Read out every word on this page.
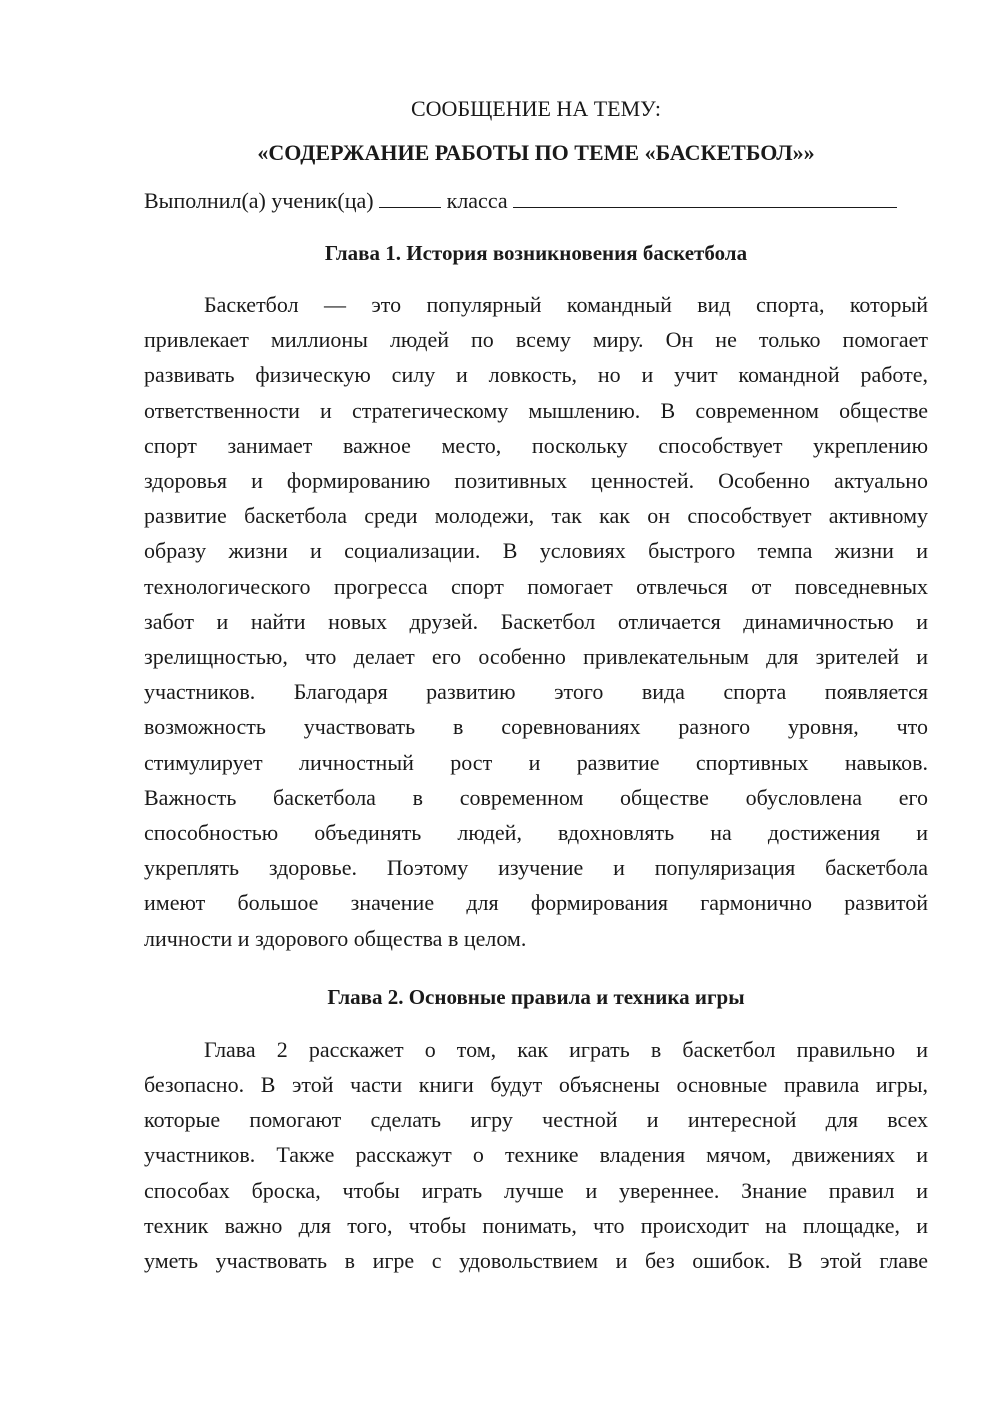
СООБЩЕНИЕ НА ТЕМУ:

«СОДЕРЖАНИЕ РАБОТЫ ПО ТЕМЕ «БАСКЕТБОЛ»»

Выполнил(а) ученик(ца)	класса
Глава 1. История возникновения баскетбола
Баскетбол — это популярный командный вид спорта, который
привлекает миллионы людей по всему миру. Он не только помогает
развивать физическую силу и ловкость, но и учит командной работе,
ответственности и стратегическому мышлению. В современном обществе
спорт занимает важное место, поскольку способствует укреплению
здоровья и формированию позитивных ценностей. Особенно актуально
развитие баскетбола среди молодежи, так как он способствует активному
образу жизни и социализации. В условиях быстрого темпа жизни и
технологического прогресса спорт помогает отвлечься от повседневных
забот и найти новых друзей. Баскетбол отличается динамичностью и
зрелищностью, что делает его особенно привлекательным для зрителей и
участников. Благодаря развитию этого вида спорта появляется
возможность участвовать в соревнованиях разного уровня, что
стимулирует личностный рост и развитие спортивных навыков.
Важность баскетбола в современном обществе обусловлена его
способностью объединять людей, вдохновлять на достижения и
укреплять здоровье. Поэтому изучение и популяризация баскетбола
имеют большое значение для формирования гармонично развитой
личности и здорового общества в целом.
Глава 2. Основные правила и техника игры
Глава 2 расскажет о том, как играть в баскетбол правильно и
безопасно. В этой части книги будут объяснены основные правила игры,
которые помогают сделать игру честной и интересной для всех
участников. Также расскажут о технике владения мячом, движениях и
способах броска, чтобы играть лучше и увереннее. Знание правил и
техник важно для того, чтобы понимать, что происходит на площадке, и
уметь участвовать в игре с удовольствием и без ошибок. В этой главе
